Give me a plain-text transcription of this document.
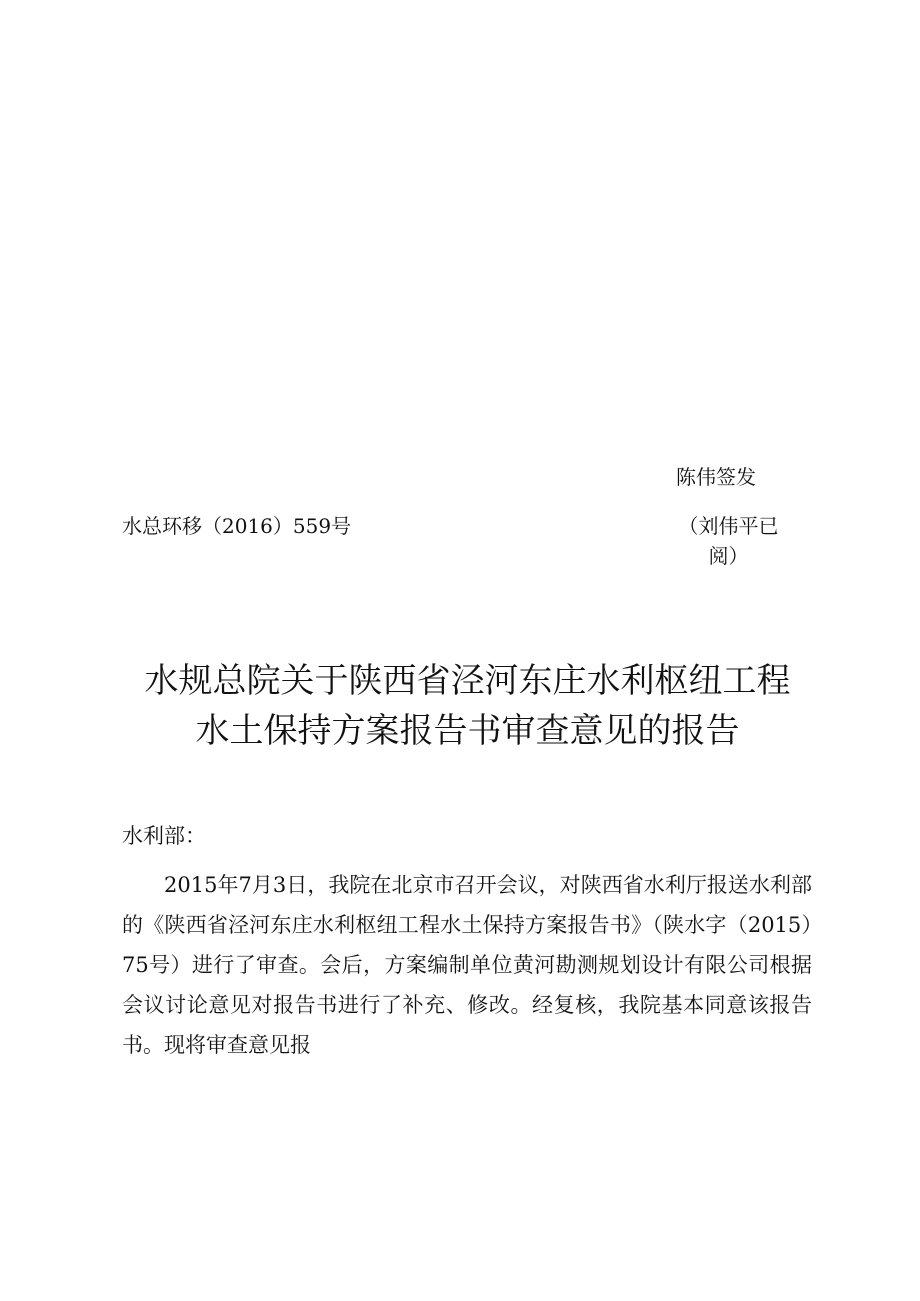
陈伟签发
水总环移（2016）559号	（刘伟平已阅）
水规总院关于陕西省泾河东庄水利枢纽工程
水土保持方案报告书审查意见的报告
水利部：
2015年7月3日，我院在北京市召开会议，对陕西省水利厅报送水利部的《陕西省泾河东庄水利枢纽工程水土保持方案报告书》（陕水字（2015）75号）进行了审查。会后，方案编制单位黄河勘测规划设计有限公司根据会议讨论意见对报告书进行了补充、修改。经复核，我院基本同意该报告书。现将审查意见报
